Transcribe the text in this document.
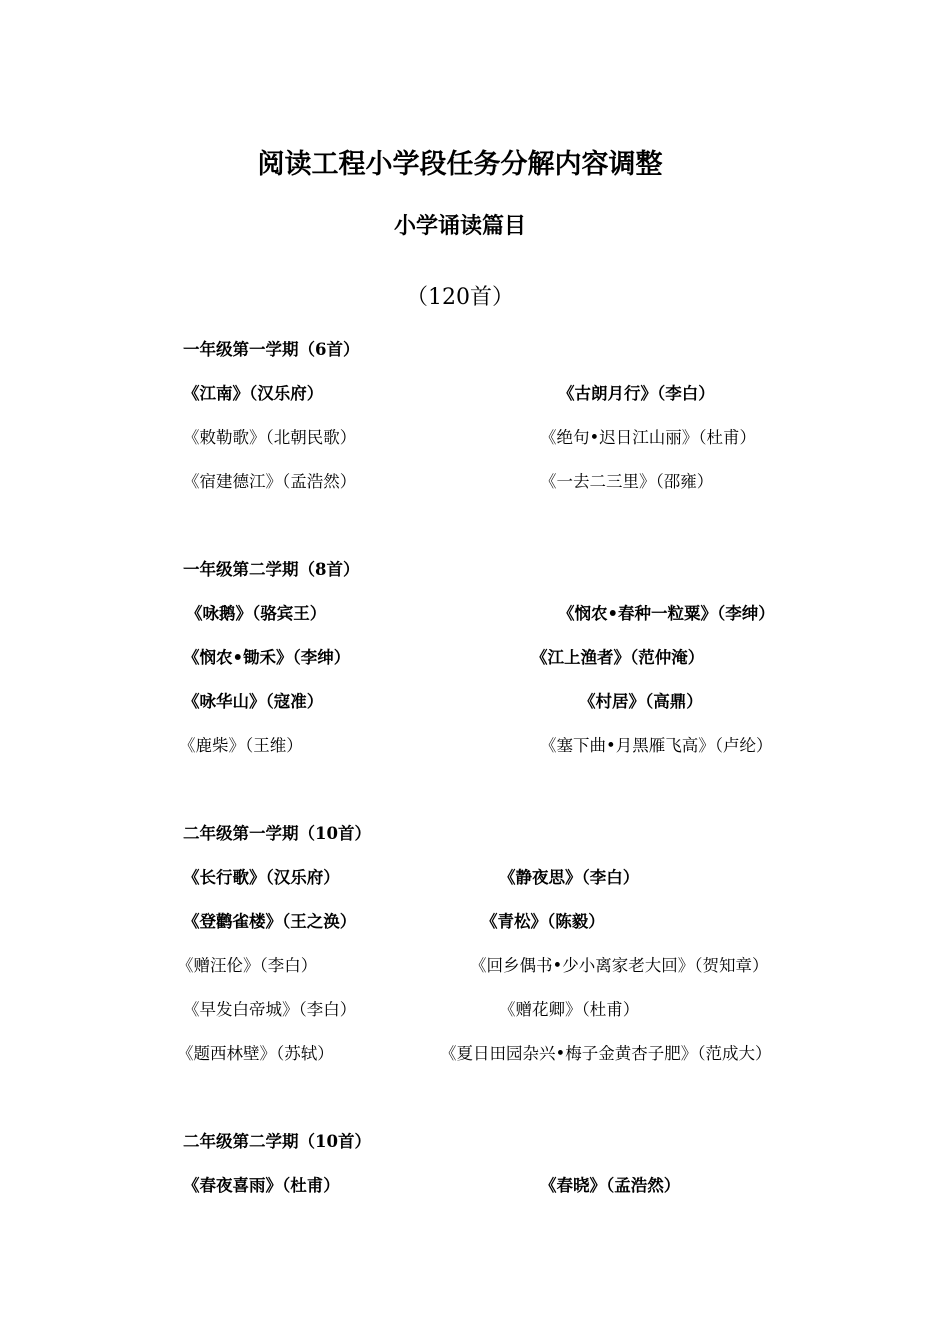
阅读工程小学段任务分解内容调整
小学诵读篇目
（120首）
一年级第一学期（6首）
《江南》（汉乐府）	《古朗月行》（李白）
《敕勒歌》（北朝民歌）	《绝句•迟日江山丽》（杜甫）
《宿建德江》（孟浩然）	《一去二三里》（邵雍）
一年级第二学期（8首）
《咏鹅》（骆宾王）	《悯农•春种一粒粟》（李绅）
《悯农•锄禾》（李绅）	《江上渔者》（范仲淹）
《咏华山》（寇准）	《村居》（高鼎）
《鹿柴》（王维）	《塞下曲•月黑雁飞高》（卢纶）
二年级第一学期（10首）
《长行歌》（汉乐府）	《静夜思》（李白）
《登鹳雀楼》（王之涣）	《青松》（陈毅）
《赠汪伦》（李白）	《回乡偶书•少小离家老大回》（贺知章）
《早发白帝城》（李白）	《赠花卿》（杜甫）
《题西林壁》（苏轼）	《夏日田园杂兴•梅子金黄杏子肥》（范成大）
二年级第二学期（10首）
《春夜喜雨》（杜甫）	《春晓》（孟浩然）
